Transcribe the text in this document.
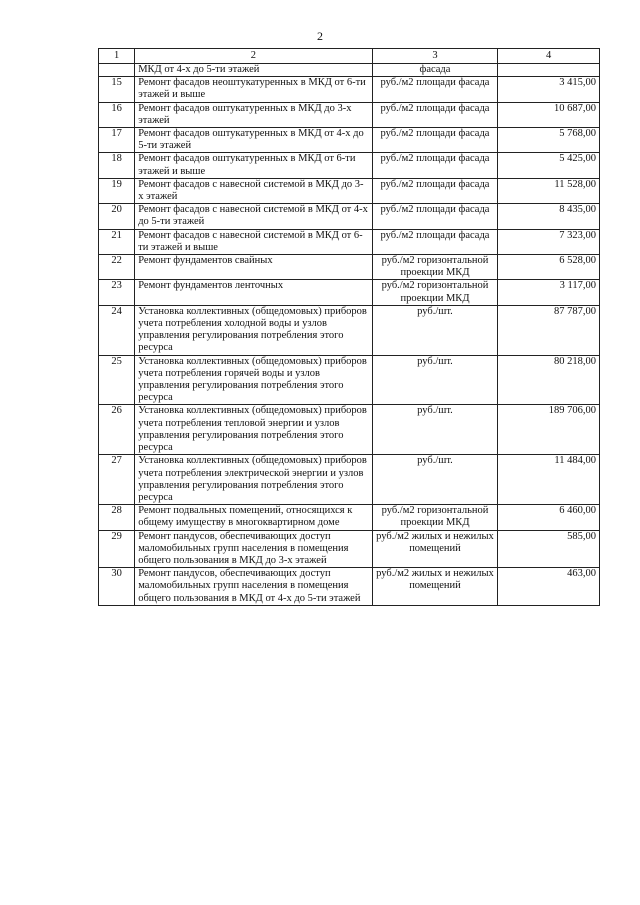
2
1	2	3	4
	МКД от 4-х до 5-ти этажей	фасада	
15	Ремонт фасадов неоштукатуренных в МКД от 6-ти этажей и выше	руб./м2 площади фасада	3 415,00
16	Ремонт фасадов оштукатуренных в МКД до 3-х этажей	руб./м2 площади фасада	10 687,00
17	Ремонт фасадов оштукатуренных в МКД от 4-х до 5-ти этажей	руб./м2 площади фасада	5 768,00
18	Ремонт фасадов оштукатуренных в МКД от 6-ти этажей и выше	руб./м2 площади фасада	5 425,00
19	Ремонт фасадов с навесной системой в МКД до 3-х этажей	руб./м2 площади фасада	11 528,00
20	Ремонт фасадов с навесной системой в МКД от 4-х до 5-ти этажей	руб./м2 площади фасада	8 435,00
21	Ремонт фасадов с навесной системой в МКД от 6-ти этажей и выше	руб./м2 площади фасада	7 323,00
22	Ремонт фундаментов свайных	руб./м2 горизонтальной проекции МКД	6 528,00
23	Ремонт фундаментов ленточных	руб./м2 горизонтальной проекции МКД	3 117,00
24	Установка коллективных (общедомовых) приборов учета потребления холодной воды и узлов управления регулирования потребления этого ресурса	руб./шт.	87 787,00
25	Установка коллективных (общедомовых) приборов учета потребления горячей воды и узлов управления регулирования потребления этого ресурса	руб./шт.	80 218,00
26	Установка коллективных (общедомовых) приборов учета потребления тепловой энергии и узлов управления регулирования потребления этого ресурса	руб./шт.	189 706,00
27	Установка коллективных (общедомовых) приборов учета потребления электрической энергии и узлов управления регулирования потребления этого ресурса	руб./шт.	11 484,00
28	Ремонт подвальных помещений, относящихся к общему имуществу в многоквартирном доме	руб./м2 горизонтальной проекции МКД	6 460,00
29	Ремонт пандусов, обеспечивающих доступ маломобильных групп населения в помещения общего пользования в МКД до 3-х этажей	руб./м2 жилых и нежилых помещений	585,00
30	Ремонт пандусов, обеспечивающих доступ маломобильных групп населения в помещения общего пользования в МКД от 4-х до 5-ти этажей	руб./м2 жилых и нежилых помещений	463,00
